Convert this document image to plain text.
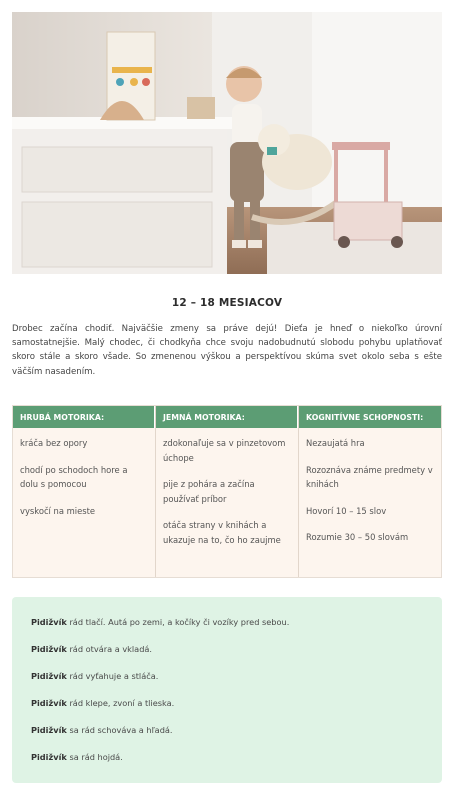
12 – 18 MESIACOV

Drobec začína chodiť. Najväčšie zmeny sa práve dejú! Dieťa je hneď o niekoľko úrovní samostatnejšie. Malý chodec, či chodkyňa chce svoju nadobudnutú slobodu pohybu uplatňovať skoro stále a skoro všade. So zmenenou výškou a perspektívou skúma svet okolo seba s ešte väčším nasadením.

HRUBÁ MOTORIKA:
kráča bez opory
chodí po schodoch hore a dolu s pomocou
vyskočí na mieste
JEMNÁ MOTORIKA:
zdokonaľuje sa v pinzetovom úchope
pije z pohára a začína používať príbor
otáča strany v knihách a ukazuje na to, čo ho zaujme
KOGNITÍVNE SCHOPNOSTI:
Nezaujatá hra
Rozoznáva známe predmety v knihách
Hovorí 10 – 15 slov
Rozumie 30 – 50 slovám
Pidižvík rád tlačí. Autá po zemi, a kočíky či vozíky pred sebou.
Pidižvík rád otvára a vkladá.
Pidižvík rád vyťahuje a stláča.
Pidižvík rád klepe, zvoní a tlieska.
Pidižvík sa rád schováva a hľadá.
Pidižvík sa rád hojdá.
